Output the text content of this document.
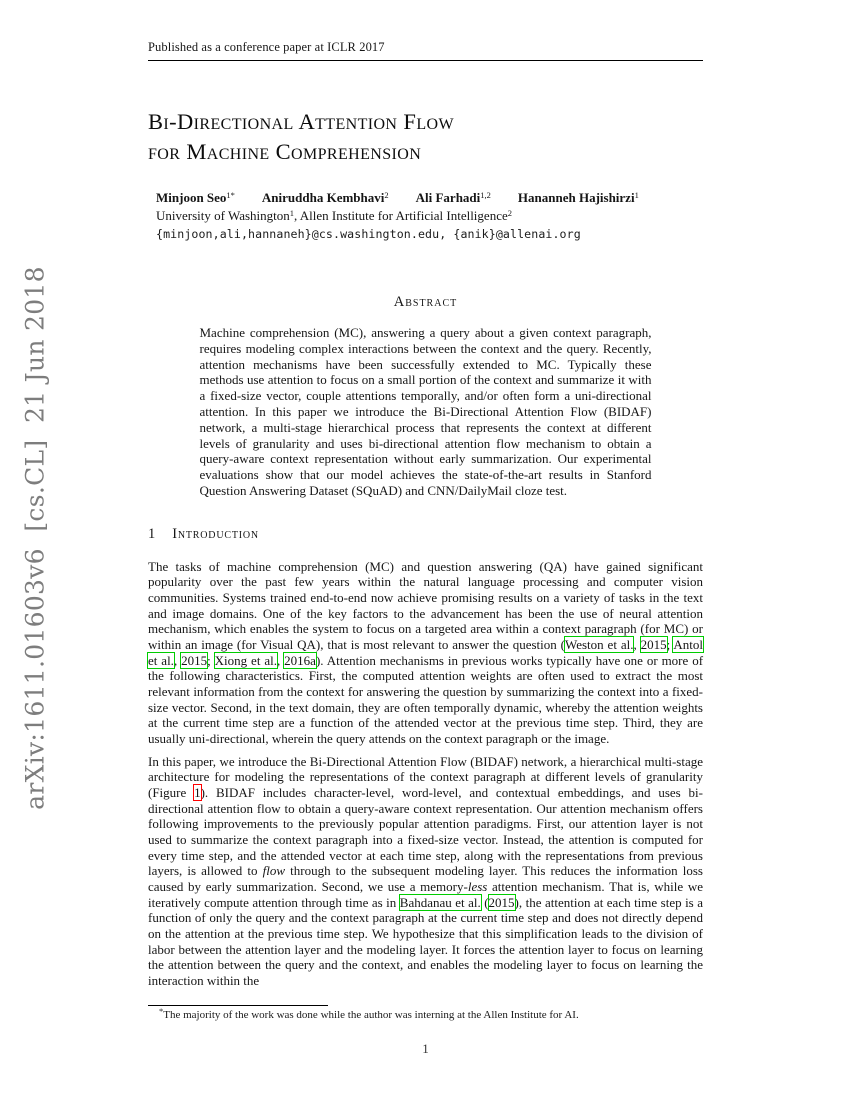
arXiv:1611.01603v6  [cs.CL]  21 Jun 2018
Published as a conference paper at ICLR 2017
Bi-Directional Attention Flow
for Machine Comprehension
Minjoon Seo$^{1*}$ Aniruddha Kembhavi$^2$ Ali Farhadi$^{1,2}$ Hananneh Hajishirzi$^1$
University of Washington$^1$, Allen Institute for Artificial Intelligence$^2$
{minjoon,ali,hannaneh}@cs.washington.edu, {anik}@allenai.org
Abstract
Machine comprehension (MC), answering a query about a given context paragraph, requires modeling complex interactions between the context and the query. Recently, attention mechanisms have been successfully extended to MC. Typically these methods use attention to focus on a small portion of the context and summarize it with a fixed-size vector, couple attentions temporally, and/or often form a uni-directional attention. In this paper we introduce the Bi-Directional Attention Flow (BIDAF) network, a multi-stage hierarchical process that represents the context at different levels of granularity and uses bi-directional attention flow mechanism to obtain a query-aware context representation without early summarization. Our experimental evaluations show that our model achieves the state-of-the-art results in Stanford Question Answering Dataset (SQuAD) and CNN/DailyMail cloze test.
1 Introduction

The tasks of machine comprehension (MC) and question answering (QA) have gained significant popularity over the past few years within the natural language processing and computer vision communities. Systems trained end-to-end now achieve promising results on a variety of tasks in the text and image domains. One of the key factors to the advancement has been the use of neural attention mechanism, which enables the system to focus on a targeted area within a context paragraph (for MC) or within an image (for Visual QA), that is most relevant to answer the question (Weston et al., 2015; Antol et al., 2015; Xiong et al., 2016a). Attention mechanisms in previous works typically have one or more of the following characteristics. First, the computed attention weights are often used to extract the most relevant information from the context for answering the question by summarizing the context into a fixed-size vector. Second, in the text domain, they are often temporally dynamic, whereby the attention weights at the current time step are a function of the attended vector at the previous time step. Third, they are usually uni-directional, wherein the query attends on the context paragraph or the image.

In this paper, we introduce the Bi-Directional Attention Flow (BIDAF) network, a hierarchical multi-stage architecture for modeling the representations of the context paragraph at different levels of granularity (Figure 1). BIDAF includes character-level, word-level, and contextual embeddings, and uses bi-directional attention flow to obtain a query-aware context representation. Our attention mechanism offers following improvements to the previously popular attention paradigms. First, our attention layer is not used to summarize the context paragraph into a fixed-size vector. Instead, the attention is computed for every time step, and the attended vector at each time step, along with the representations from previous layers, is allowed to flow through to the subsequent modeling layer. This reduces the information loss caused by early summarization. Second, we use a memory-less attention mechanism. That is, while we iteratively compute attention through time as in Bahdanau et al. (2015), the attention at each time step is a function of only the query and the context paragraph at the current time step and does not directly depend on the attention at the previous time step. We hypothesize that this simplification leads to the division of labor between the attention layer and the modeling layer. It forces the attention layer to focus on learning the attention between the query and the context, and enables the modeling layer to focus on learning the interaction within the

*The majority of the work was done while the author was interning at the Allen Institute for AI.
1
